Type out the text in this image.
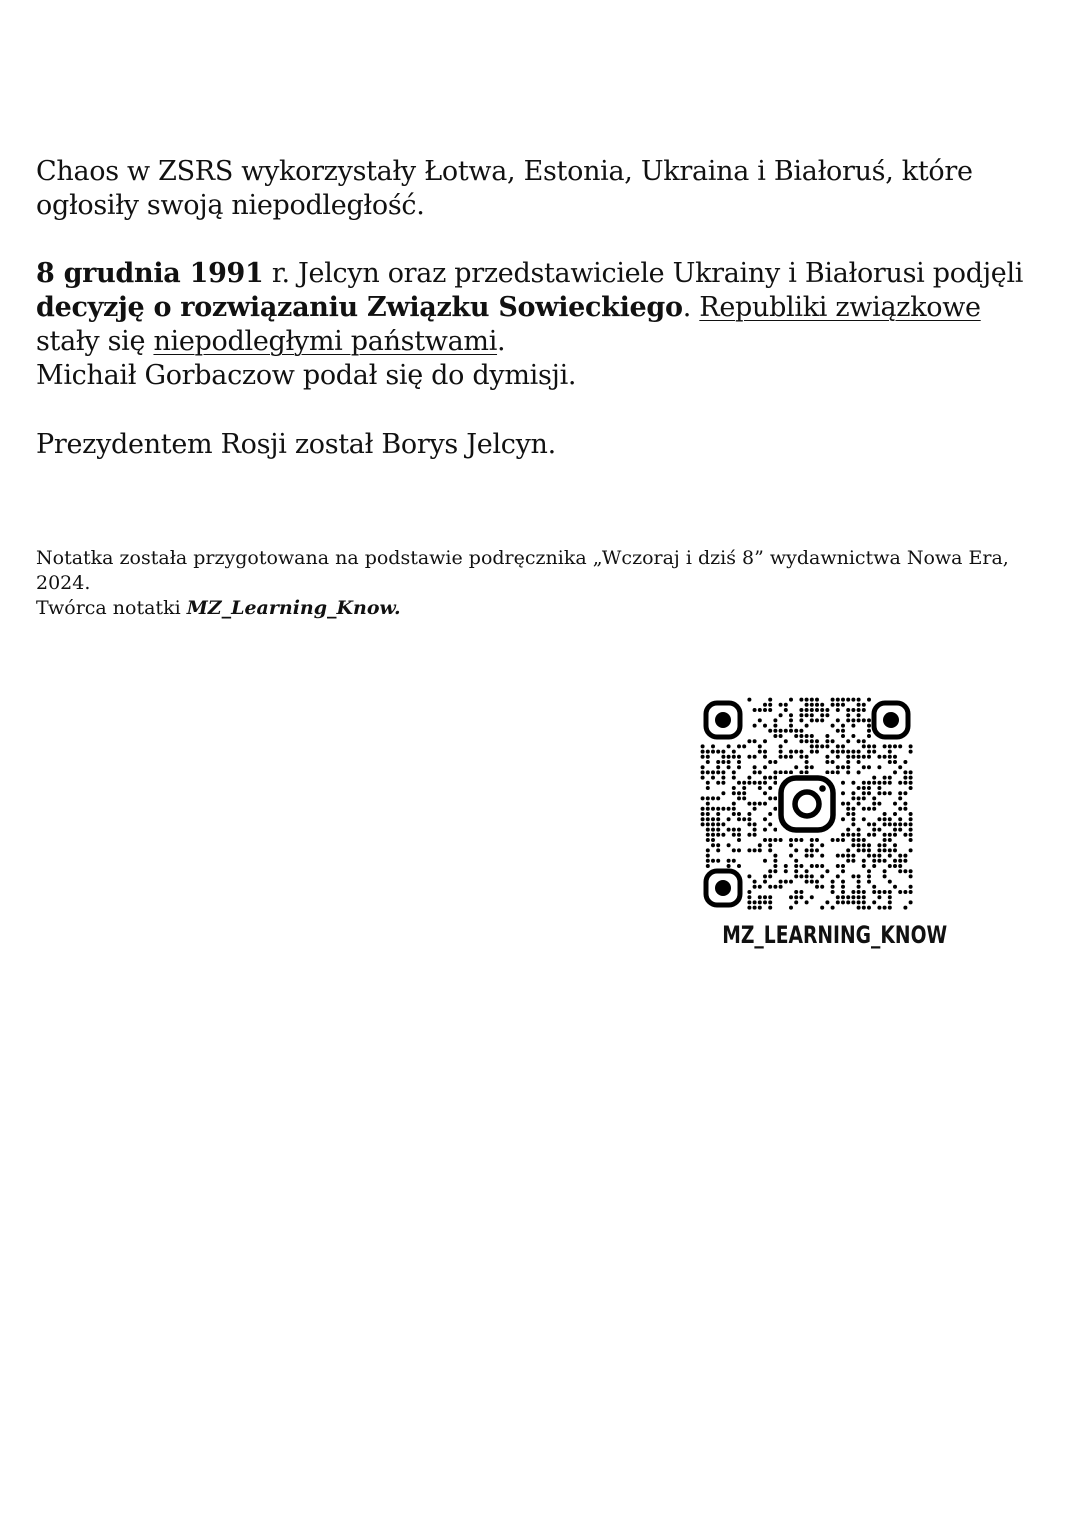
Chaos w ZSRS wykorzystały Łotwa, Estonia, Ukraina i Białoruś, które ogłosiły swoją niepodległość.

8 grudnia 1991 r. Jelcyn oraz przedstawiciele Ukrainy i Białorusi podjęli decyzję o rozwiązaniu Związku Sowieckiego. Republiki związkowe stały się niepodległymi państwami.
Michaił Gorbaczow podał się do dymisji.

Prezydentem Rosji został Borys Jelcyn.

Notatka została przygotowana na podstawie podręcznika „Wczoraj i dziś 8” wydawnictwa Nowa Era, 2024.
Twórca notatki MZ_Learning_Know.

MZ_LEARNING_KNOW
